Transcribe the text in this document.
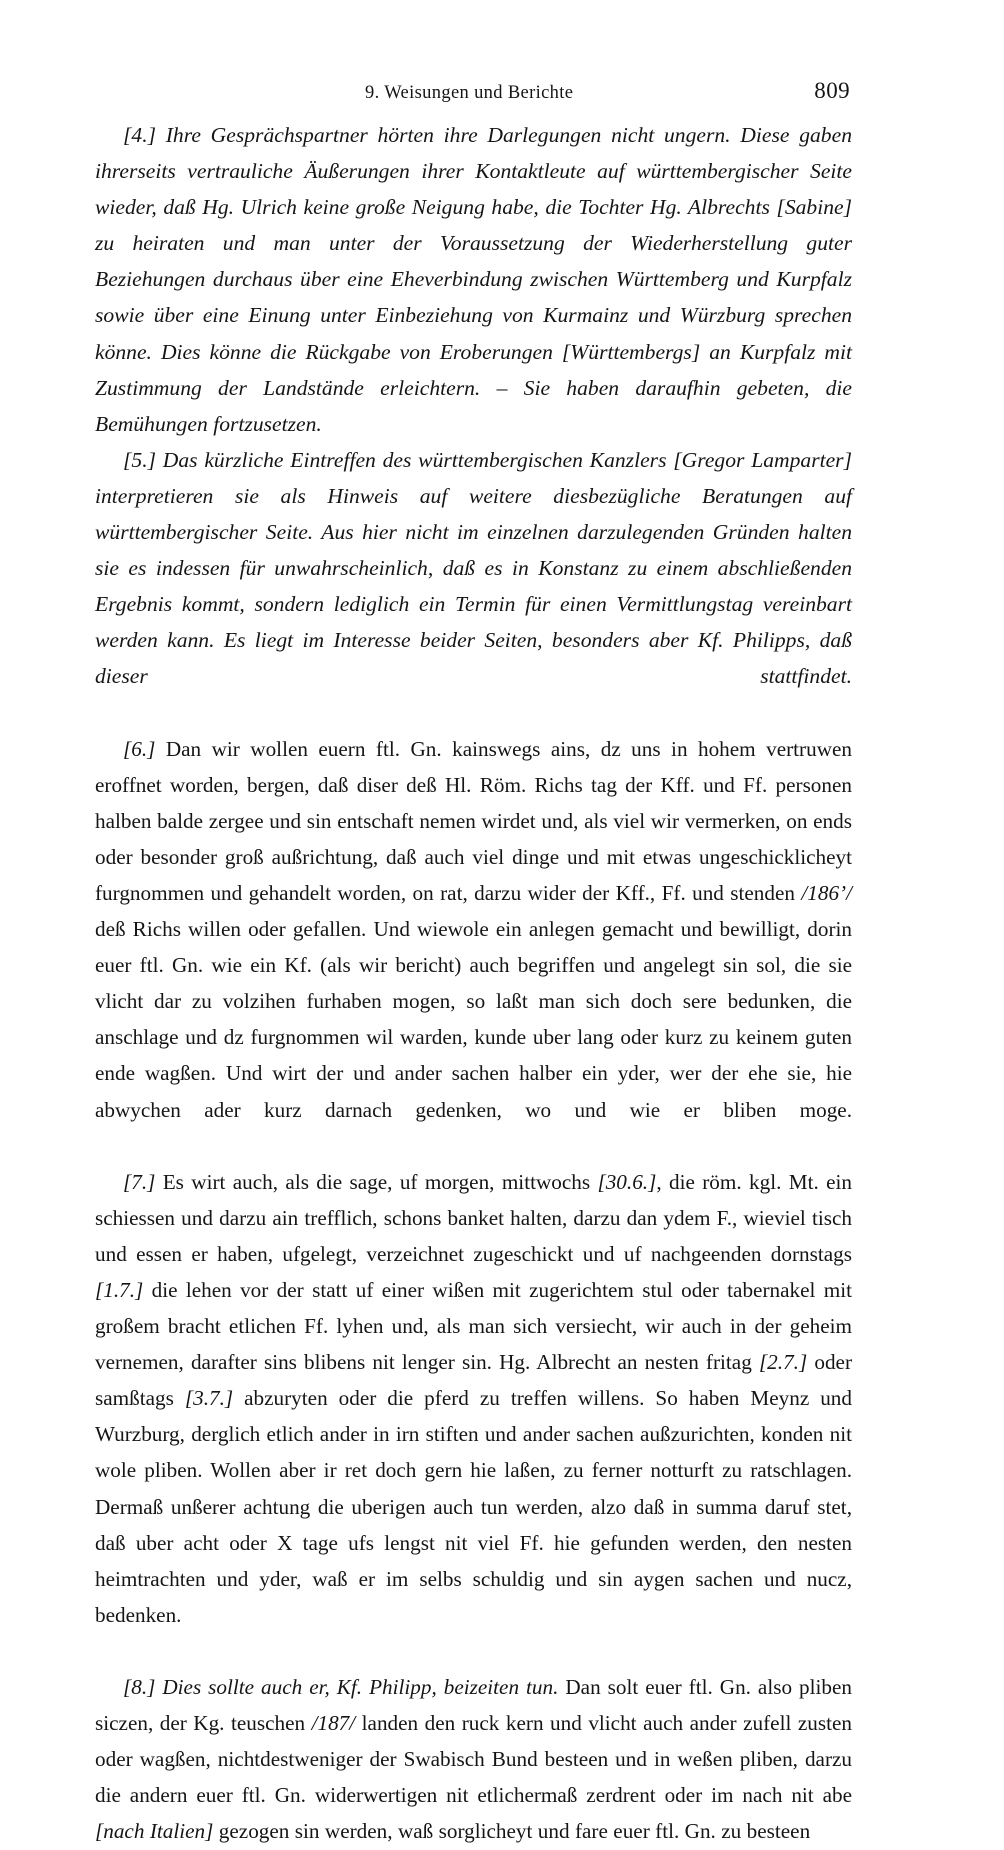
9. Weisungen und Berichte	809

[4.] Ihre Gesprächspartner hörten ihre Darlegungen nicht ungern. Diese gaben ihrerseits vertrauliche Äußerungen ihrer Kontaktleute auf württembergischer Seite wieder, daß Hg. Ulrich keine große Neigung habe, die Tochter Hg. Albrechts [Sabine] zu heiraten und man unter der Voraussetzung der Wiederherstellung guter Beziehungen durchaus über eine Eheverbindung zwischen Württemberg und Kurpfalz sowie über eine Einung unter Einbeziehung von Kurmainz und Würzburg sprechen könne. Dies könne die Rückgabe von Eroberungen [Württembergs] an Kurpfalz mit Zustimmung der Landstände erleichtern. – Sie haben daraufhin gebeten, die Bemühungen fortzusetzen.

[5.] Das kürzliche Eintreffen des württembergischen Kanzlers [Gregor Lamparter] interpretieren sie als Hinweis auf weitere diesbezügliche Beratungen auf württembergischer Seite. Aus hier nicht im einzelnen darzulegenden Gründen halten sie es indessen für unwahrscheinlich, daß es in Konstanz zu einem abschließenden Ergebnis kommt, sondern lediglich ein Termin für einen Vermittlungstag vereinbart werden kann. Es liegt im Interesse beider Seiten, besonders aber Kf. Philipps, daß dieser stattfindet.

[6.] Dan wir wollen euern ftl. Gn. kainswegs ains, dz uns in hohem vertruwen eroffnet worden, bergen, daß diser deß Hl. Röm. Richs tag der Kff. und Ff. personen halben balde zergee und sin entschaft nemen wirdet und, als viel wir vermerken, on ends oder besonder groß außrichtung, daß auch viel dinge und mit etwas ungeschicklicheyt furgnommen und gehandelt worden, on rat, darzu wider der Kff., Ff. und stenden /186’/ deß Richs willen oder gefallen. Und wiewole ein anlegen gemacht und bewilligt, dorin euer ftl. Gn. wie ein Kf. (als wir bericht) auch begriffen und angelegt sin sol, die sie vlicht dar zu volzihen furhaben mogen, so laßt man sich doch sere bedunken, die anschlage und dz furgnommen wil warden, kunde uber lang oder kurz zu keinem guten ende wagßen. Und wirt der und ander sachen halber ein yder, wer der ehe sie, hie abwychen ader kurz darnach gedenken, wo und wie er bliben moge.

[7.] Es wirt auch, als die sage, uf morgen, mittwochs [30.6.], die röm. kgl. Mt. ein schiessen und darzu ain trefflich, schons banket halten, darzu dan ydem F., wieviel tisch und essen er haben, ufgelegt, verzeichnet zugeschickt und uf nachgeenden dornstags [1.7.] die lehen vor der statt uf einer wißen mit zugerichtem stul oder tabernakel mit großem bracht etlichen Ff. lyhen und, als man sich versiecht, wir auch in der geheim vernemen, darafter sins blibens nit lenger sin. Hg. Albrecht an nesten fritag [2.7.] oder samßtags [3.7.] abzuryten oder die pferd zu treffen willens. So haben Meynz und Wurzburg, derglich etlich ander in irn stiften und ander sachen außzurichten, konden nit wole pliben. Wollen aber ir ret doch gern hie laßen, zu ferner notturft zu ratschlagen. Dermaß unßerer achtung die uberigen auch tun werden, alzo daß in summa daruf stet, daß uber acht oder X tage ufs lengst nit viel Ff. hie gefunden werden, den nesten heimtrachten und yder, waß er im selbs schuldig und sin aygen sachen und nucz, bedenken.

[8.] Dies sollte auch er, Kf. Philipp, beizeiten tun. Dan solt euer ftl. Gn. also pliben siczen, der Kg. teuschen /187/ landen den ruck kern und vlicht auch ander zufell zusten oder wagßen, nichtdestweniger der Swabisch Bund besteen und in weßen pliben, darzu die andern euer ftl. Gn. widerwertigen nit etlichermaß zerdrent oder im nach nit abe [nach Italien] gezogen sin werden, waß sorglicheyt und fare euer ftl. Gn. zu besteen
